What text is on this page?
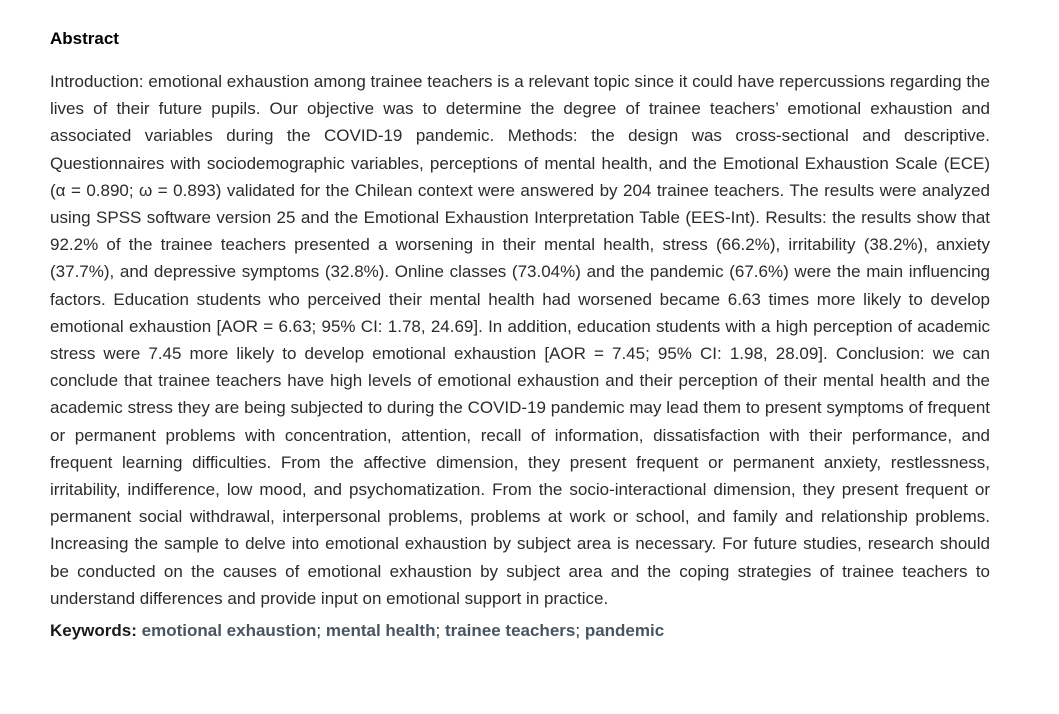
Abstract

Introduction: emotional exhaustion among trainee teachers is a relevant topic since it could have repercussions regarding the lives of their future pupils. Our objective was to determine the degree of trainee teachers’ emotional exhaustion and associated variables during the COVID-19 pandemic. Methods: the design was cross-sectional and descriptive. Questionnaires with sociodemographic variables, perceptions of mental health, and the Emotional Exhaustion Scale (ECE) (α = 0.890; ω = 0.893) validated for the Chilean context were answered by 204 trainee teachers. The results were analyzed using SPSS software version 25 and the Emotional Exhaustion Interpretation Table (EES-Int). Results: the results show that 92.2% of the trainee teachers presented a worsening in their mental health, stress (66.2%), irritability (38.2%), anxiety (37.7%), and depressive symptoms (32.8%). Online classes (73.04%) and the pandemic (67.6%) were the main influencing factors. Education students who perceived their mental health had worsened became 6.63 times more likely to develop emotional exhaustion [AOR = 6.63; 95% CI: 1.78, 24.69]. In addition, education students with a high perception of academic stress were 7.45 more likely to develop emotional exhaustion [AOR = 7.45; 95% CI: 1.98, 28.09]. Conclusion: we can conclude that trainee teachers have high levels of emotional exhaustion and their perception of their mental health and the academic stress they are being subjected to during the COVID-19 pandemic may lead them to present symptoms of frequent or permanent problems with concentration, attention, recall of information, dissatisfaction with their performance, and frequent learning difficulties. From the affective dimension, they present frequent or permanent anxiety, restlessness, irritability, indifference, low mood, and psychomatization. From the socio-interactional dimension, they present frequent or permanent social withdrawal, interpersonal problems, problems at work or school, and family and relationship problems. Increasing the sample to delve into emotional exhaustion by subject area is necessary. For future studies, research should be conducted on the causes of emotional exhaustion by subject area and the coping strategies of trainee teachers to understand differences and provide input on emotional support in practice.

Keywords: emotional exhaustion; mental health; trainee teachers; pandemic
